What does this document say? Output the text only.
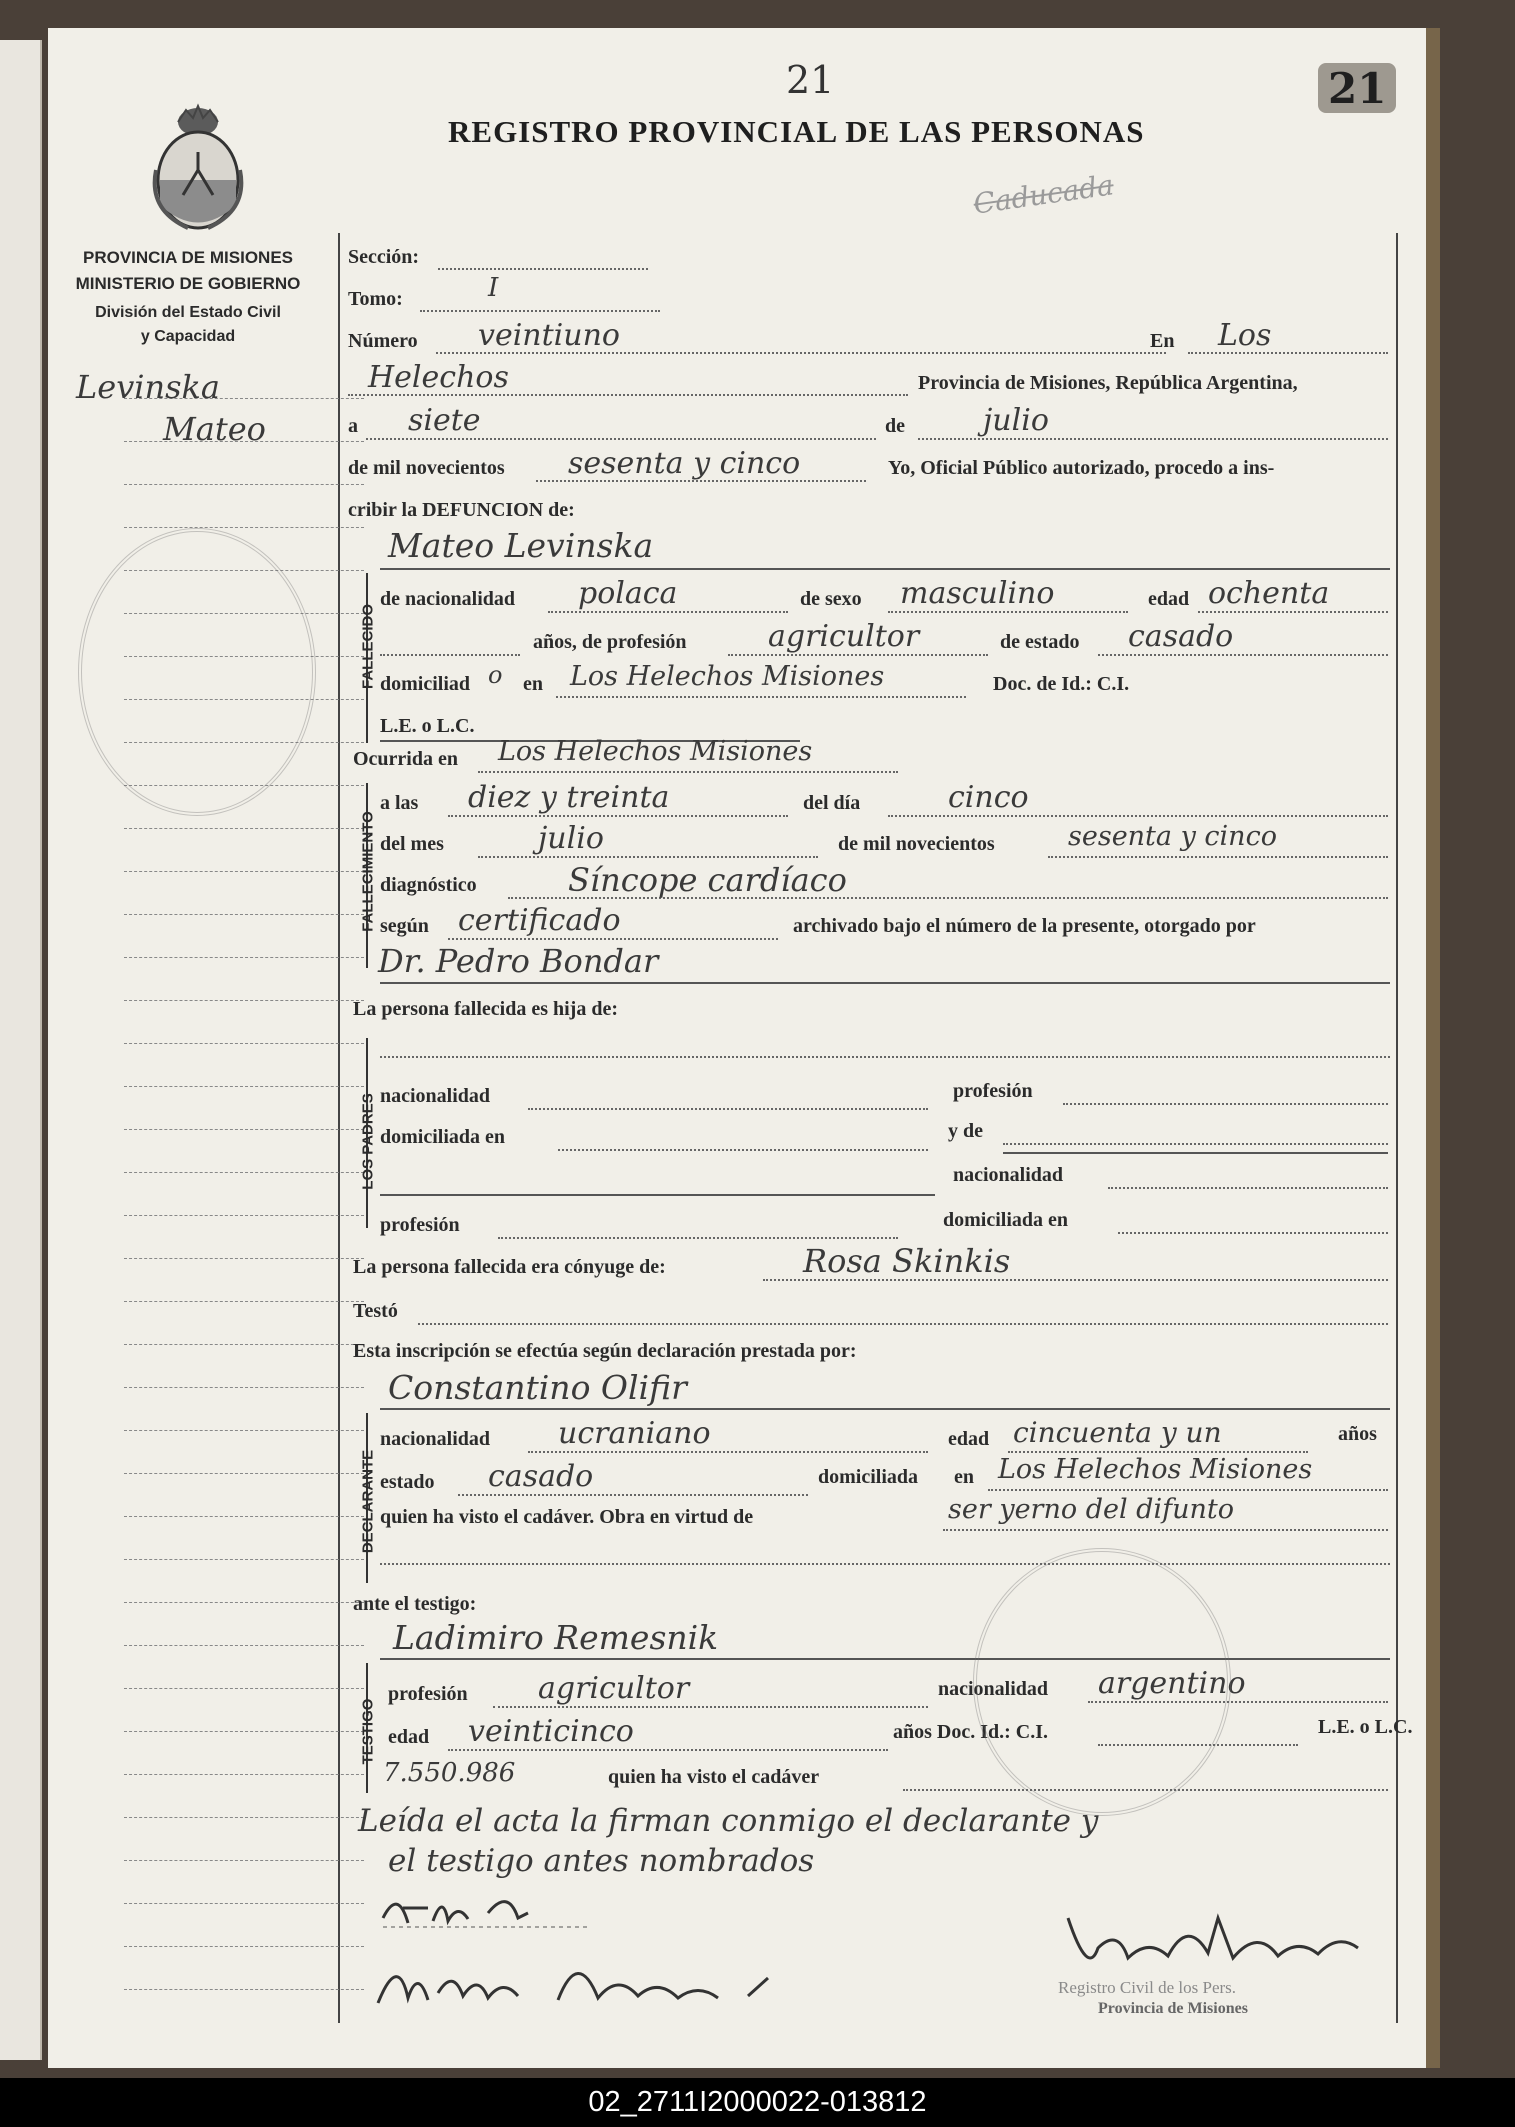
21	21
REGISTRO PROVINCIAL DE LAS PERSONAS
Caducada
PROVINCIA DE MISIONES
MINISTERIO DE GOBIERNO
División del Estado Civil
y Capacidad
Levinska
Mateo
Sección:
Tomo:	I
Número veintiuno	En Los
Helechos	Provincia de Misiones, República Argentina,
a siete	de	julio
de mil novecientos sesenta y cinco	Yo, Oficial Público autorizado, procedo a ins-
cribir la DEFUNCION de:
Mateo Levinska
FALLECIDO
de nacionalidad polaca	de sexo masculino	edad ochenta
años, de profesión	agricultor	de estado casado
domiciliad o en Los Helechos Misiones	Doc. de Id.: C.I.
L.E. o L.C.
Ocurrida en Los Helechos Misiones
FALLECIMIENTO
a las diez y treinta	del día	cinco
del mes	julio	de mil novecientos	sesenta y cinco
diagnóstico	Síncope cardíaco
según certificado	archivado bajo el número de la presente, otorgado por
Dr. Pedro Bondar
La persona fallecida es hija de:
LOS PADRES nacionalidad	profesión
domiciliada en	y de
nacionalidad
profesión	domiciliada en
La persona fallecida era cónyuge de:	Rosa Skinkis
Testó
Esta inscripción se efectúa según declaración prestada por:
Constantino Olifir
DECLARANTE
nacionalidad ucraniano	edad cincuenta y un	años
estado casado	domiciliada en Los Helechos Misiones
quien ha visto el cadáver. Obra en virtud de	ser yerno del difunto
ante el testigo:
Ladimiro Remesnik
TESTIGO
profesión agricultor	nacionalidad argentino
edad veinticinco	años Doc. Id.: C.I.	L.E. o L.C.
7.550.986	quien ha visto el cadáver
Leída el acta la firman conmigo el declarante y
el testigo antes nombrados
Registro Civil de los Pers.
Provincia de Misiones
02_2711I2000022-013812
